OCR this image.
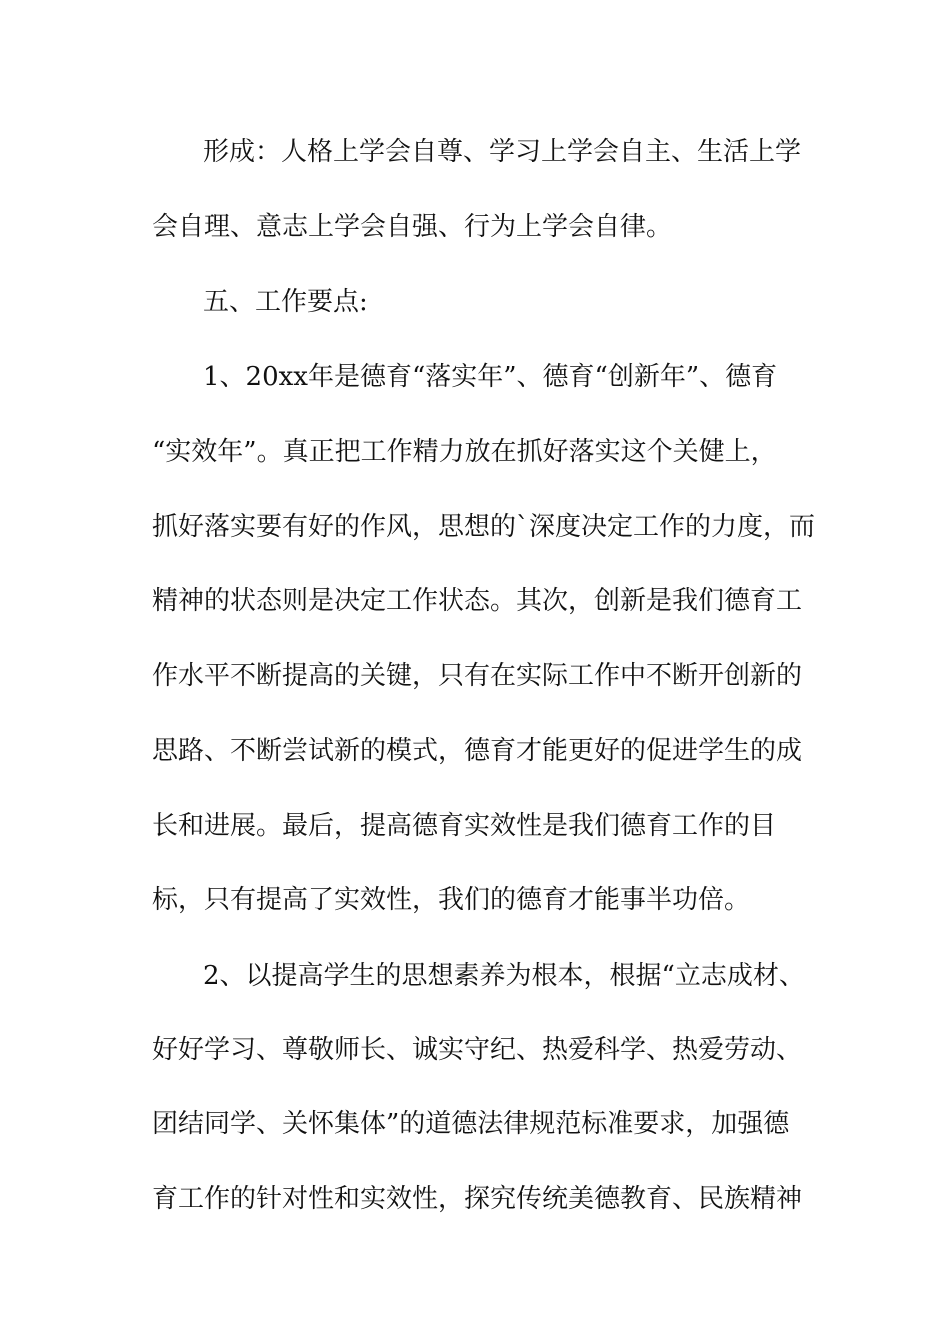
形成：人格上学会自尊、学习上学会自主、生活上学

会自理、意志上学会自强、行为上学会自律。

五、工作要点:

1、20xx年是德育“落实年”、德育“创新年”、德育

“实效年”。真正把工作精力放在抓好落实这个关健上，

抓好落实要有好的作风，思想的`深度决定工作的力度，而

精神的状态则是决定工作状态。其次，创新是我们德育工

作水平不断提高的关键，只有在实际工作中不断开创新的

思路、不断尝试新的模式，德育才能更好的促进学生的成

长和进展。最后，提高德育实效性是我们德育工作的目

标，只有提高了实效性，我们的德育才能事半功倍。

2、以提高学生的思想素养为根本，根据“立志成材、

好好学习、尊敬师长、诚实守纪、热爱科学、热爱劳动、

团结同学、关怀集体”的道德法律规范标准要求，加强德

育工作的针对性和实效性，探究传统美德教育、民族精神
